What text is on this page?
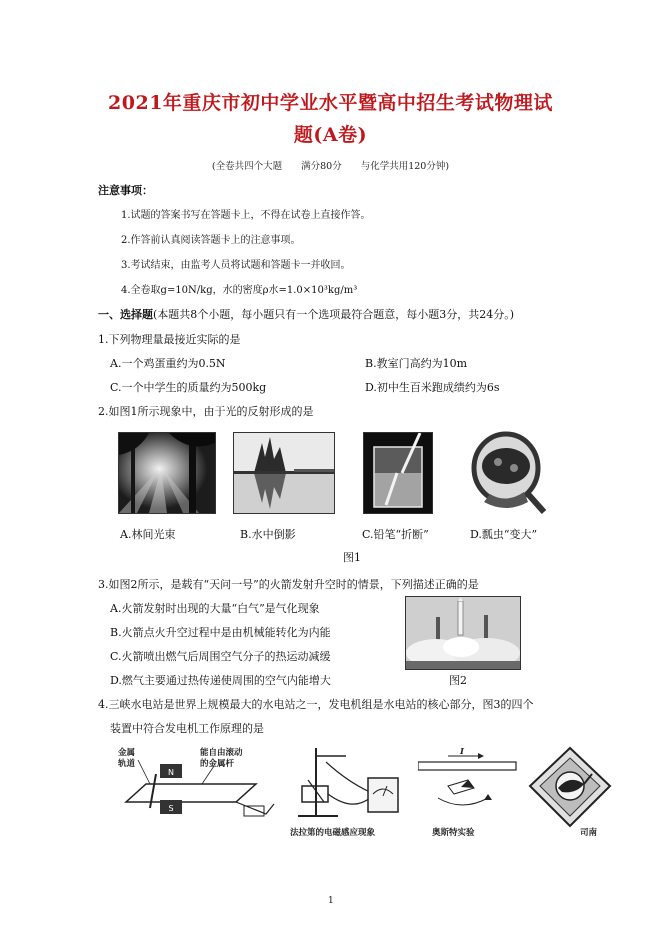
2021年重庆市初中学业水平暨高中招生考试物理试
题(A卷)
(全卷共四个大题　　满分80分　　与化学共用120分钟)
注意事项：
1.试题的答案书写在答题卡上，不得在试卷上直接作答。
2.作答前认真阅读答题卡上的注意事项。
3.考试结束，由监考人员将试题和答题卡一并收回。
4.全卷取g=10N/kg，水的密度ρ水=1.0×10³kg/m³
一、选择题(本题共8个小题，每小题只有一个选项最符合题意，每小题3分，共24分。)
1.下列物理量最接近实际的是
A.一个鸡蛋重约为0.5N	B.教室门高约为10m
C.一个中学生的质量约为500kg	D.初中生百米跑成绩约为6s
2.如图1所示现象中，由于光的反射形成的是
A.林间光束	B.水中倒影	C.铅笔“折断”	D.瓢虫“变大”
图1
3.如图2所示，是载有“天问一号”的火箭发射升空时的情景，下列描述正确的是
A.火箭发射时出现的大量“白气”是气化现象
B.火箭点火升空过程中是由机械能转化为内能
C.火箭喷出燃气后周围空气分子的热运动减缓
D.燃气主要通过热传递使周围的空气内能增大	图2
4.三峡水电站是世界上规模最大的水电站之一，发电机组是水电站的核心部分，图3的四个
装置中符合发电机工作原理的是
N
S
金属
轨道
能自由滚动
的金属杆
法拉第的电磁感应现象
I
奥斯特实验	司南
1
